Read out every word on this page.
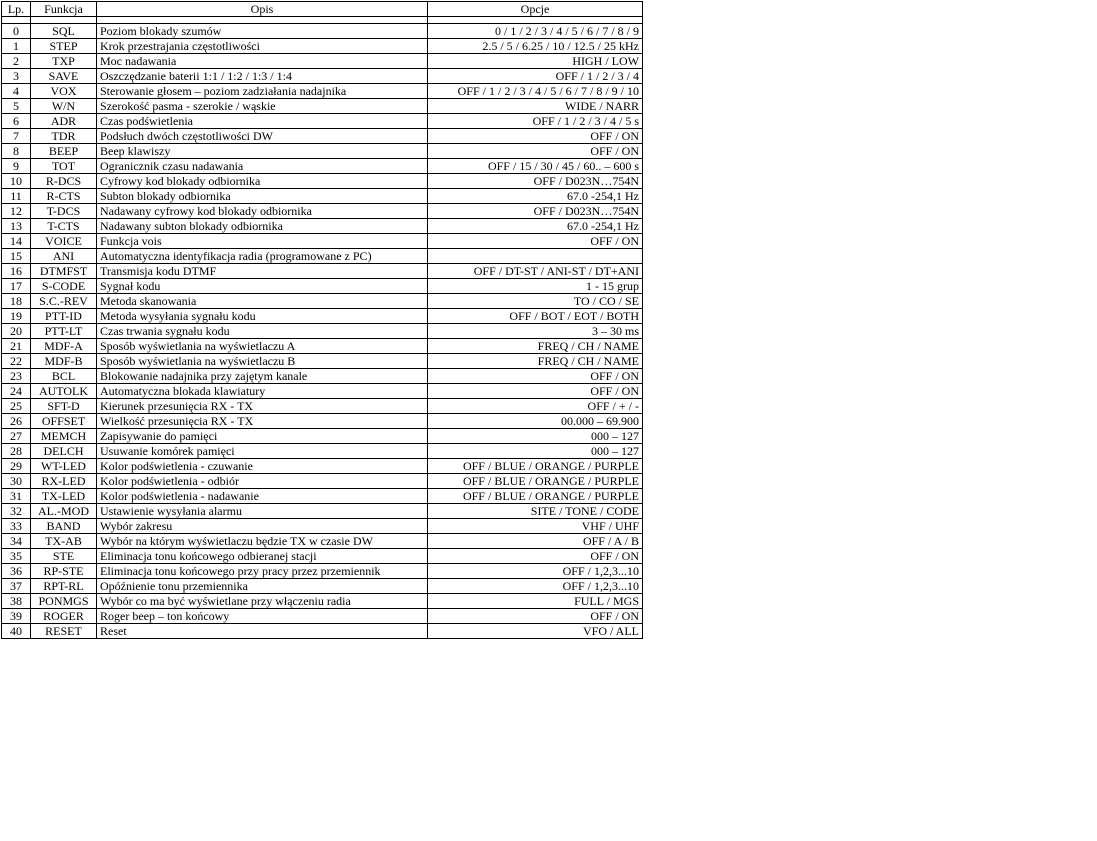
Lp.	Funkcja	Opis	Opcje

0	SQL	Poziom blokady szumów	0 / 1 / 2 / 3 / 4 / 5 / 6 / 7 / 8 / 9
1	STEP	Krok przestrajania częstotliwości	2.5 / 5 / 6.25 / 10 / 12.5 / 25 kHz
2	TXP	Moc nadawania	HIGH / LOW
3	SAVE	Oszczędzanie baterii 1:1 / 1:2 / 1:3 / 1:4	OFF / 1 / 2 / 3 / 4
4	VOX	Sterowanie głosem – poziom zadziałania nadajnika	OFF / 1 / 2 / 3 / 4 / 5 / 6 / 7 / 8 / 9 / 10
5	W/N	Szerokość pasma - szerokie / wąskie	WIDE / NARR
6	ADR	Czas podświetlenia	OFF / 1 / 2 / 3 / 4 / 5 s
7	TDR	Podsłuch dwóch częstotliwości DW	OFF / ON
8	BEEP	Beep klawiszy	OFF / ON
9	TOT	Ogranicznik czasu nadawania	OFF / 15 / 30 / 45 / 60.. – 600 s
10	R-DCS	Cyfrowy kod blokady odbiornika	OFF / D023N…754N
11	R-CTS	Subton blokady odbiornika	67.0 -254,1 Hz
12	T-DCS	Nadawany cyfrowy kod blokady odbiornika	OFF / D023N…754N
13	T-CTS	Nadawany subton blokady odbiornika	67.0 -254,1 Hz
14	VOICE	Funkcja vois	OFF / ON
15	ANI	Automatyczna identyfikacja radia (programowane z PC)	
16	DTMFST	Transmisja kodu DTMF	OFF / DT-ST / ANI-ST / DT+ANI
17	S-CODE	Sygnał kodu	1 - 15 grup
18	S.C.-REV	Metoda skanowania	TO / CO / SE
19	PTT-ID	Metoda wysyłania sygnału kodu	OFF / BOT / EOT / BOTH
20	PTT-LT	Czas trwania sygnału kodu	3 – 30 ms
21	MDF-A	Sposób wyświetlania na wyświetlaczu A	FREQ / CH / NAME
22	MDF-B	Sposób wyświetlania na wyświetlaczu B	FREQ / CH / NAME
23	BCL	Blokowanie nadajnika przy zajętym kanale	OFF / ON
24	AUTOLK	Automatyczna blokada klawiatury	OFF / ON
25	SFT-D	Kierunek przesunięcia RX - TX	OFF / + / -
26	OFFSET	Wielkość przesunięcia RX - TX	00.000 – 69.900
27	MEMCH	Zapisywanie do pamięci	000 – 127
28	DELCH	Usuwanie komórek pamięci	000 – 127
29	WT-LED	Kolor podświetlenia - czuwanie	OFF / BLUE / ORANGE / PURPLE
30	RX-LED	Kolor podświetlenia - odbiór	OFF / BLUE / ORANGE / PURPLE
31	TX-LED	Kolor podświetlenia - nadawanie	OFF / BLUE / ORANGE / PURPLE
32	AL.-MOD	Ustawienie wysyłania alarmu	SITE / TONE / CODE
33	BAND	Wybór zakresu	VHF / UHF
34	TX-AB	Wybór na którym wyświetlaczu będzie TX w czasie DW	OFF / A / B
35	STE	Eliminacja tonu końcowego odbieranej stacji	OFF / ON
36	RP-STE	Eliminacja tonu końcowego przy pracy przez przemiennik	OFF / 1,2,3...10
37	RPT-RL	Opóźnienie tonu przemiennika	OFF / 1,2,3...10
38	PONMGS	Wybór co ma być wyświetlane przy włączeniu radia	FULL / MGS
39	ROGER	Roger beep – ton końcowy	OFF / ON
40	RESET	Reset	VFO / ALL
